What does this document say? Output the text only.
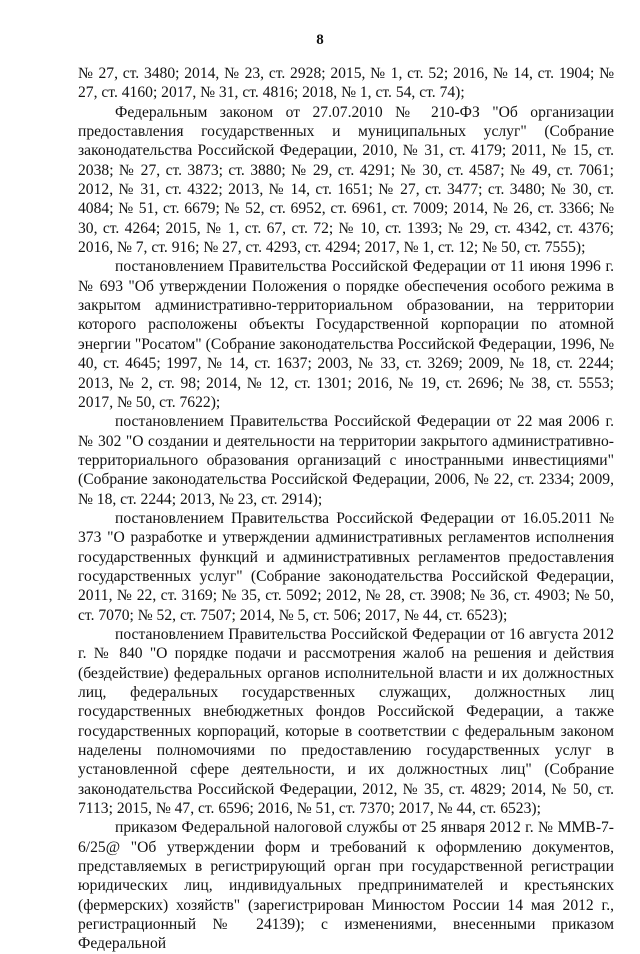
8

№ 27, ст. 3480; 2014, № 23, ст. 2928; 2015, № 1, ст. 52; 2016, № 14, ст. 1904; № 27, ст. 4160; 2017, № 31, ст. 4816; 2018, № 1, ст. 54, ст. 74);

Федеральным законом от 27.07.2010 № 210-ФЗ "Об организации предоставления государственных и муниципальных услуг" (Собрание законодательства Российской Федерации, 2010, № 31, ст. 4179; 2011, № 15, ст. 2038; № 27, ст. 3873; ст. 3880; № 29, ст. 4291; № 30, ст. 4587; № 49, ст. 7061; 2012, № 31, ст. 4322; 2013, № 14, ст. 1651; № 27, ст. 3477; ст. 3480; № 30, ст. 4084; № 51, ст. 6679; № 52, ст. 6952, ст. 6961, ст. 7009; 2014, № 26, ст. 3366; № 30, ст. 4264; 2015, № 1, ст. 67, ст. 72; № 10, ст. 1393; № 29, ст. 4342, ст. 4376; 2016, № 7, ст. 916; № 27, ст. 4293, ст. 4294; 2017, № 1, ст. 12; № 50, ст. 7555);

постановлением Правительства Российской Федерации от 11 июня 1996 г. № 693 "Об утверждении Положения о порядке обеспечения особого режима в закрытом административно-территориальном образовании, на территории которого расположены объекты Государственной корпорации по атомной энергии "Росатом" (Собрание законодательства Российской Федерации, 1996, № 40, ст. 4645; 1997, № 14, ст. 1637; 2003, № 33, ст. 3269; 2009, № 18, ст. 2244; 2013, № 2, ст. 98; 2014, № 12, ст. 1301; 2016, № 19, ст. 2696; № 38, ст. 5553; 2017, № 50, ст. 7622);

постановлением Правительства Российской Федерации от 22 мая 2006 г. № 302 "О создании и деятельности на территории закрытого административно-территориального образования организаций с иностранными инвестициями" (Собрание законодательства Российской Федерации, 2006, № 22, ст. 2334; 2009, № 18, ст. 2244; 2013, № 23, ст. 2914);

постановлением Правительства Российской Федерации от 16.05.2011 № 373 "О разработке и утверждении административных регламентов исполнения государственных функций и административных регламентов предоставления государственных услуг" (Собрание законодательства Российской Федерации, 2011, № 22, ст. 3169; № 35, ст. 5092; 2012, № 28, ст. 3908; № 36, ст. 4903; № 50, ст. 7070; № 52, ст. 7507; 2014, № 5, ст. 506; 2017, № 44, ст. 6523);

постановлением Правительства Российской Федерации от 16 августа 2012 г. № 840 "О порядке подачи и рассмотрения жалоб на решения и действия (бездействие) федеральных органов исполнительной власти и их должностных лиц, федеральных государственных служащих, должностных лиц государственных внебюджетных фондов Российской Федерации, а также государственных корпораций, которые в соответствии с федеральным законом наделены полномочиями по предоставлению государственных услуг в установленной сфере деятельности, и их должностных лиц" (Собрание законодательства Российской Федерации, 2012, № 35, ст. 4829; 2014, № 50, ст. 7113; 2015, № 47, ст. 6596; 2016, № 51, ст. 7370; 2017, № 44, ст. 6523);

приказом Федеральной налоговой службы от 25 января 2012 г. № ММВ-7-6/25@ "Об утверждении форм и требований к оформлению документов, представляемых в регистрирующий орган при государственной регистрации юридических лиц, индивидуальных предпринимателей и крестьянских (фермерских) хозяйств" (зарегистрирован Минюстом России 14 мая 2012 г., регистрационный № 24139); с изменениями, внесенными приказом Федеральной
